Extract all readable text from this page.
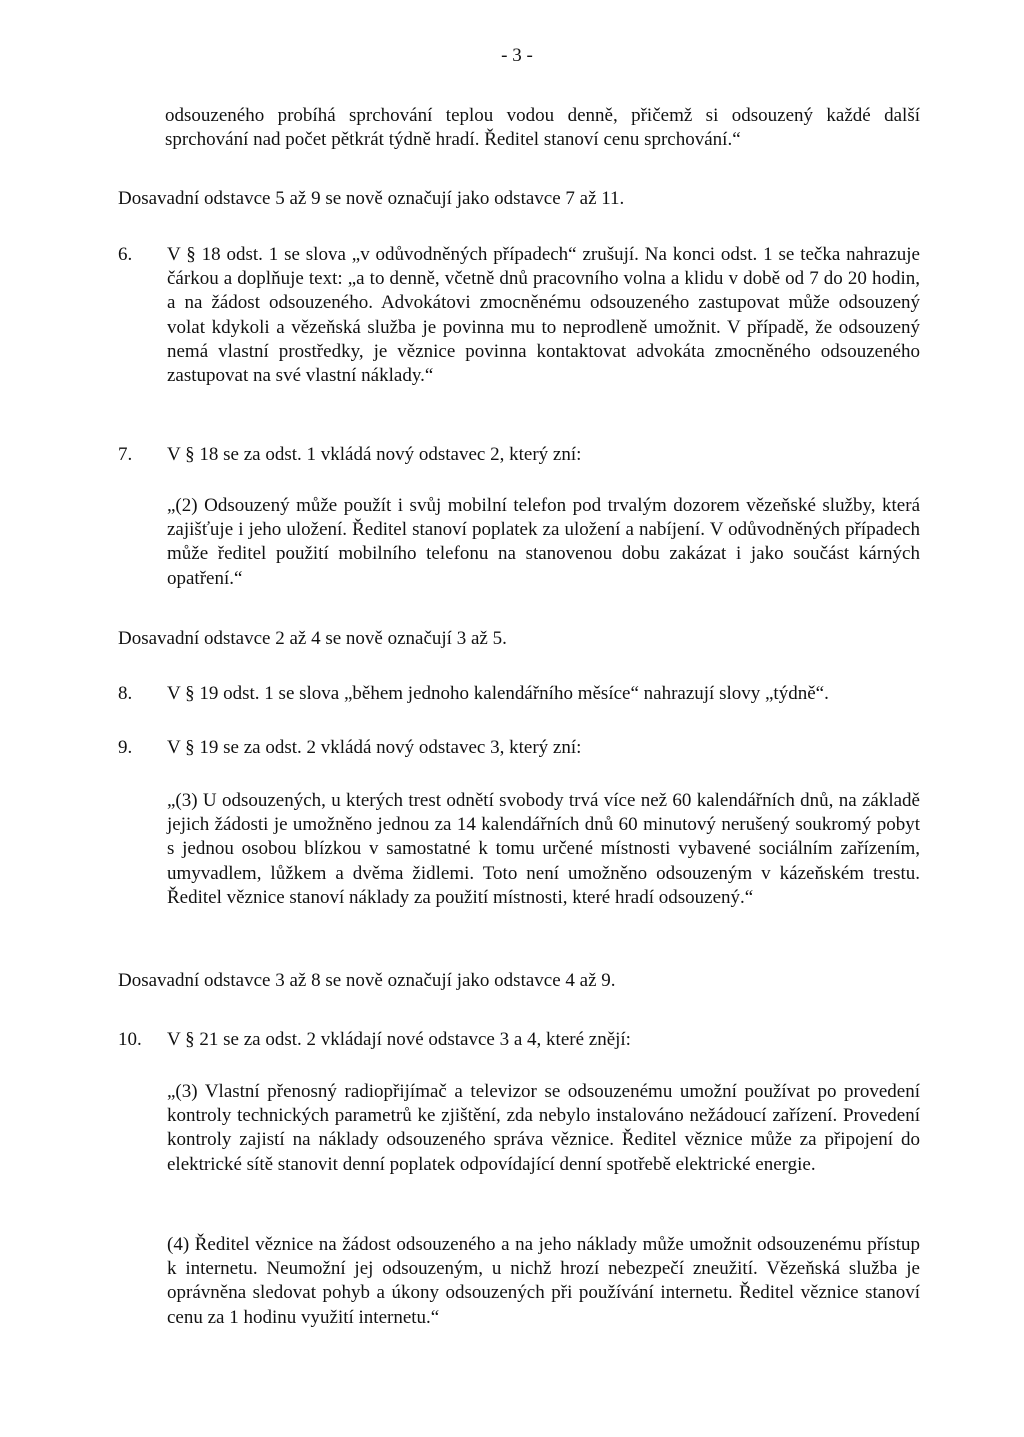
- 3 -

odsouzeného probíhá sprchování teplou vodou denně, přičemž si odsouzený každé další sprchování nad počet pětkrát týdně hradí. Ředitel stanoví cenu sprchování.“

Dosavadní odstavce 5 až 9 se nově označují jako odstavce 7 až 11.

6. V § 18 odst. 1 se slova „v odůvodněných případech“ zrušují. Na konci odst. 1 se tečka nahrazuje čárkou a doplňuje text: „a to denně, včetně dnů pracovního volna a klidu v době od 7 do 20 hodin, a na žádost odsouzeného. Advokátovi zmocněnému odsouzeného zastupovat může odsouzený volat kdykoli a vězeňská služba je povinna mu to neprodleně umožnit. V případě, že odsouzený nemá vlastní prostředky, je věznice povinna kontaktovat advokáta zmocněného odsouzeného zastupovat na své vlastní náklady.“

7. V § 18 se za odst. 1 vkládá nový odstavec 2, který zní:

„(2) Odsouzený může použít i svůj mobilní telefon pod trvalým dozorem vězeňské služby, která zajišťuje i jeho uložení. Ředitel stanoví poplatek za uložení a nabíjení. V odůvodněných případech může ředitel použití mobilního telefonu na stanovenou dobu zakázat i jako součást kárných opatření.“

Dosavadní odstavce 2 až 4 se nově označují 3 až 5.

8. V § 19 odst. 1 se slova „během jednoho kalendářního měsíce“ nahrazují slovy „týdně“.

9. V § 19 se za odst. 2 vkládá nový odstavec 3, který zní:

„(3) U odsouzených, u kterých trest odnětí svobody trvá více než 60 kalendářních dnů, na základě jejich žádosti je umožněno jednou za 14 kalendářních dnů 60 minutový nerušený soukromý pobyt s jednou osobou blízkou v samostatné k tomu určené místnosti vybavené sociálním zařízením, umyvadlem, lůžkem a dvěma židlemi. Toto není umožněno odsouzeným v kázeňském trestu. Ředitel věznice stanoví náklady za použití místnosti, které hradí odsouzený.“

Dosavadní odstavce 3 až 8 se nově označují jako odstavce 4 až 9.

10. V § 21 se za odst. 2 vkládají nové odstavce 3 a 4, které znějí:

„(3) Vlastní přenosný radiopřijímač a televizor se odsouzenému umožní používat po provedení kontroly technických parametrů ke zjištění, zda nebylo instalováno nežádoucí zařízení. Provedení kontroly zajistí na náklady odsouzeného správa věznice. Ředitel věznice může za připojení do elektrické sítě stanovit denní poplatek odpovídající denní spotřebě elektrické energie.

(4) Ředitel věznice na žádost odsouzeného a na jeho náklady může umožnit odsouzenému přístup k internetu. Neumožní jej odsouzeným, u nichž hrozí nebezpečí zneužití. Vězeňská služba je oprávněna sledovat pohyb a úkony odsouzených při používání internetu. Ředitel věznice stanoví cenu za 1 hodinu využití internetu.“
